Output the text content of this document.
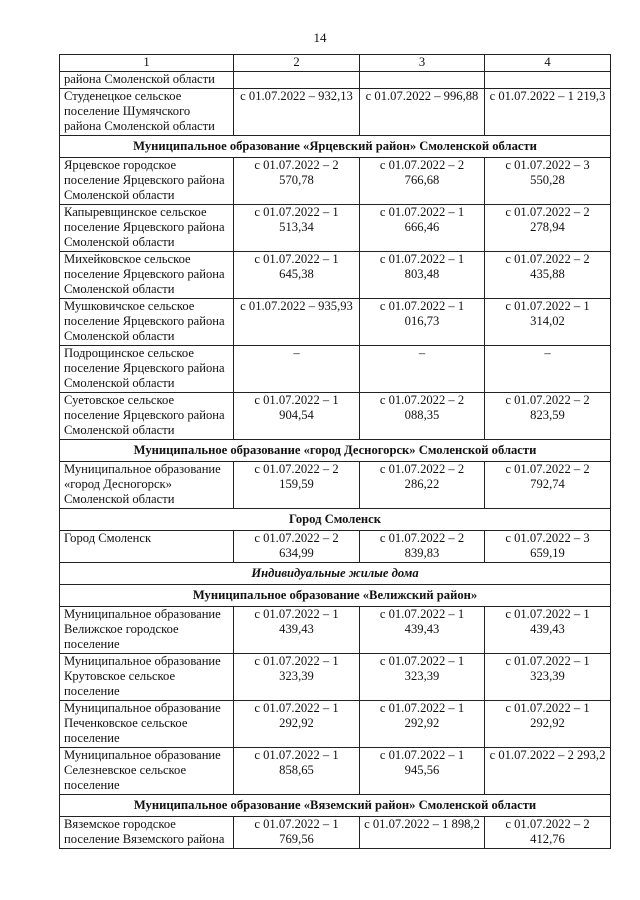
14
1	2	3	4
района Смоленской области			
Студенецкое сельское поселение Шумячского района Смоленской области	с 01.07.2022 – 932,13	с 01.07.2022 – 996,88	с 01.07.2022 – 1 219,3
Муниципальное образование «Ярцевский район» Смоленской области			
Ярцевское городское поселение Ярцевского района Смоленской области	с 01.07.2022 – 2 570,78	с 01.07.2022 – 2 766,68	с 01.07.2022 – 3 550,28
Капыревщинское сельское поселение Ярцевского района Смоленской области	с 01.07.2022 – 1 513,34	с 01.07.2022 – 1 666,46	с 01.07.2022 – 2 278,94
Михейковское сельское поселение Ярцевского района Смоленской области	с 01.07.2022 – 1 645,38	с 01.07.2022 – 1 803,48	с 01.07.2022 – 2 435,88
Мушковичское сельское поселение Ярцевского района Смоленской области	с 01.07.2022 – 935,93	с 01.07.2022 – 1 016,73	с 01.07.2022 – 1 314,02
Подрощинское сельское поселение Ярцевского района Смоленской области	–	–	–
Суетовское сельское поселение Ярцевского района Смоленской области	с 01.07.2022 – 1 904,54	с 01.07.2022 – 2 088,35	с 01.07.2022 – 2 823,59
Муниципальное образование «город Десногорск» Смоленской области			
Муниципальное образование «город Десногорск» Смоленской области	с 01.07.2022 – 2 159,59	с 01.07.2022 – 2 286,22	с 01.07.2022 – 2 792,74
Город Смоленск			
Город Смоленск	с 01.07.2022 – 2 634,99	с 01.07.2022 – 2 839,83	с 01.07.2022 – 3 659,19
Индивидуальные жилые дома			
Муниципальное образование «Велижский район»			
Муниципальное образование Велижское городское поселение	с 01.07.2022 – 1 439,43	с 01.07.2022 – 1 439,43	с 01.07.2022 – 1 439,43
Муниципальное образование Крутовское сельское поселение	с 01.07.2022 – 1 323,39	с 01.07.2022 – 1 323,39	с 01.07.2022 – 1 323,39
Муниципальное образование Печенковское сельское поселение	с 01.07.2022 – 1 292,92	с 01.07.2022 – 1 292,92	с 01.07.2022 – 1 292,92
Муниципальное образование Селезневское сельское поселение	с 01.07.2022 – 1 858,65	с 01.07.2022 – 1 945,56	с 01.07.2022 – 2 293,2
Муниципальное образование «Вяземский район» Смоленской области			
Вяземское городское поселение Вяземского района	с 01.07.2022 – 1 769,56	с 01.07.2022 – 1 898,2	с 01.07.2022 – 2 412,76
